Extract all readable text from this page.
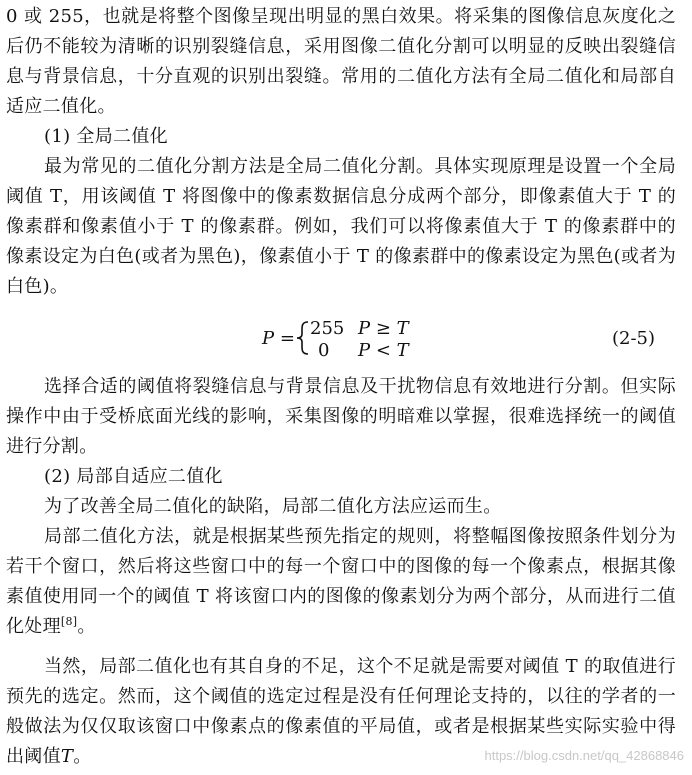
0 或 255，也就是将整个图像呈现出明显的黑白效果。将采集的图像信息灰度化之后仍不能较为清晰的识别裂缝信息，采用图像二值化分割可以明显的反映出裂缝信息与背景信息，十分直观的识别出裂缝。常用的二值化方法有全局二值化和局部自适应二值化。
(1) 全局二值化
最为常见的二值化分割方法是全局二值化分割。具体实现原理是设置一个全局阈值 T，用该阈值 T 将图像中的像素数据信息分成两个部分，即像素值大于 T 的像素群和像素值小于 T 的像素群。例如，我们可以将像素值大于 T 的像素群中的像素设定为白色(或者为黑色)，像素值小于 T 的像素群中的像素设定为黑色(或者为白色)。
P = 255 P ≥ T
0 P < T
(2-5)
选择合适的阈值将裂缝信息与背景信息及干扰物信息有效地进行分割。但实际操作中由于受桥底面光线的影响，采集图像的明暗难以掌握，很难选择统一的阈值进行分割。
(2) 局部自适应二值化
为了改善全局二值化的缺陷，局部二值化方法应运而生。
局部二值化方法，就是根据某些预先指定的规则，将整幅图像按照条件划分为若干个窗口，然后将这些窗口中的每一个窗口中的图像的每一个像素点，根据其像素值使用同一个的阈值 T 将该窗口内的图像的像素划分为两个部分，从而进行二值化处理[8]。
当然，局部二值化也有其自身的不足，这个不足就是需要对阈值 T 的取值进行预先的选定。然而，这个阈值的选定过程是没有任何理论支持的，以往的学者的一般做法为仅仅取该窗口中像素点的像素值的平局值，或者是根据某些实际实验中得出阈值T。	https://blog.csdn.net/qq_42868846
